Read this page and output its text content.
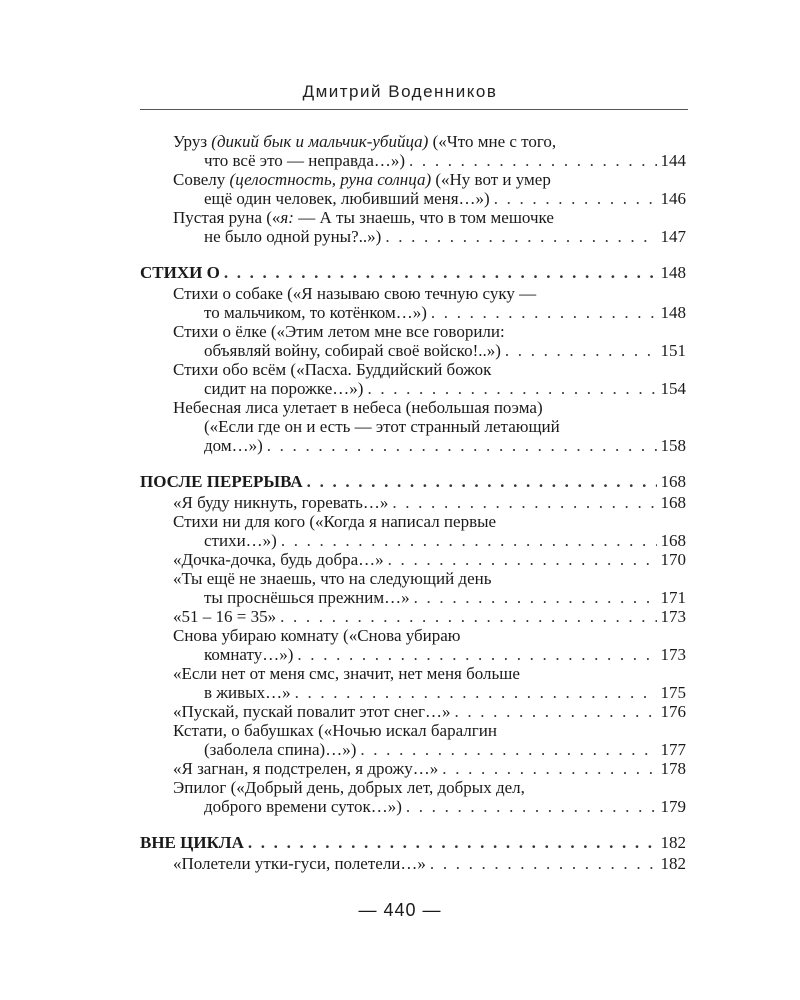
Дмитрий Воденников
Уруз (дикий бык и мальчик-убийца) («Что мне с того,
что всё это — неправда…») . . .	144
Совелу (целостность, руна солнца) («Ну вот и умер
ещё один человек, любивший меня…») . . .	146
Пустая руна («я: — А ты знаешь, что в том мешочке
не было одной руны?..») . . .	147
СТИХИ О . . .	148
Стихи о собаке («Я называю свою течную суку —
то мальчиком, то котёнком…») . . .	148
Стихи о ёлке («Этим летом мне все говорили:
объявляй войну, собирай своё войско!..») . . .	151
Стихи обо всём («Пасха. Буддийский божок
сидит на порожке…») . . .	154
Небесная лиса улетает в небеса (небольшая поэма)
(«Если где он и есть — этот странный летающий
дом…») . . .	158
ПОСЛЕ ПЕРЕРЫВА . . .	168
«Я буду никнуть, горевать…» . . .	168
Стихи ни для кого («Когда я написал первые
стихи…») . . .	168
«Дочка-дочка, будь добра…» . . .	170
«Ты ещё не знаешь, что на следующий день
ты проснёшься прежним…» . . .	171
«51 – 16 = 35» . . .	173
Снова убираю комнату («Снова убираю
комнату…») . . .	173
«Если нет от меня смс, значит, нет меня больше
в живых…» . . .	175
«Пускай, пускай повалит этот снег…» . . .	176
Кстати, о бабушках («Ночью искал баралгин
(заболела спина)…») . . .	177
«Я загнан, я подстрелен, я дрожу…» . . .	178
Эпилог («Добрый день, добрых лет, добрых дел,
доброго времени суток…») . . .	179
ВНЕ ЦИКЛА . . .	182
«Полетели утки-гуси, полетели…» . . .	182
— 440 —
